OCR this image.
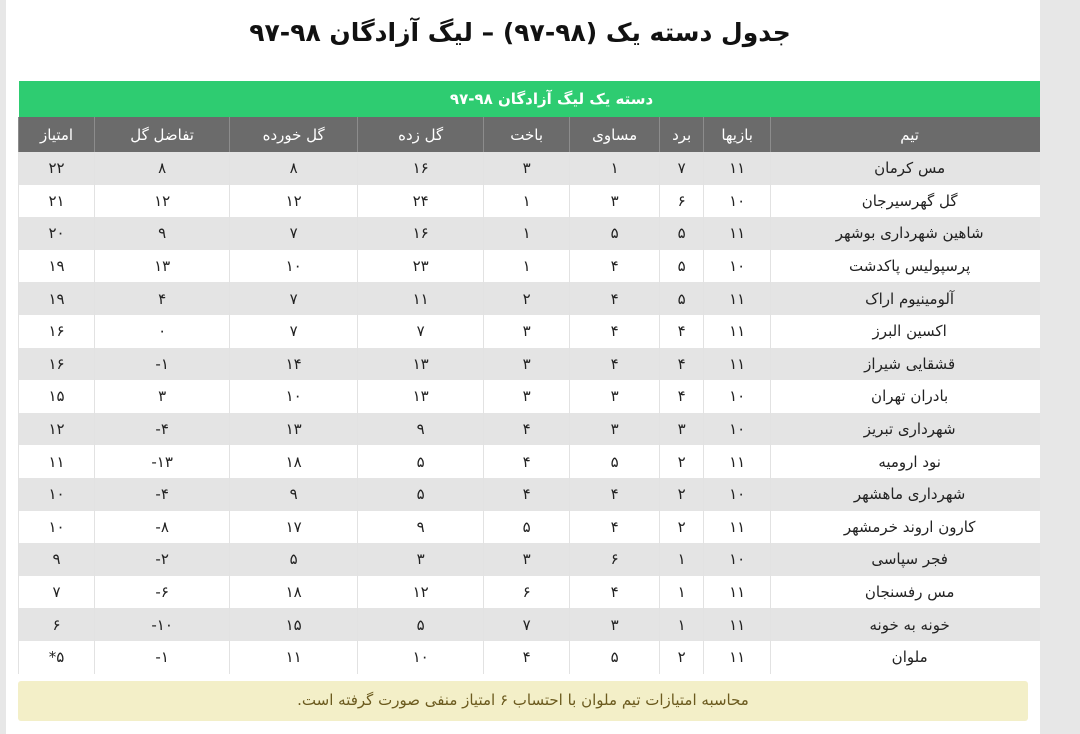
جدول دسته یک (۹۸-۹۷) – لیگ آزادگان ۹۸-۹۷
دسته یک لیگ آزادگان ۹۸-۹۷									
	تیم	بازیها	برد	مساوی	باخت	گل زده	گل خورده	تفاضل گل	امتیاز
	مس کرمان	۱۱	۷	۱	۳	۱۶	۸	۸	۲۲
	گل گهرسیرجان	۱۰	۶	۳	۱	۲۴	۱۲	۱۲	۲۱
	شاهین شهرداری بوشهر	۱۱	۵	۵	۱	۱۶	۷	۹	۲۰
	پرسپولیس پاکدشت	۱۰	۵	۴	۱	۲۳	۱۰	۱۳	۱۹
	آلومینیوم اراک	۱۱	۵	۴	۲	۱۱	۷	۴	۱۹
	اکسین البرز	۱۱	۴	۴	۳	۷	۷	۰	۱۶
	قشقایی شیراز	۱۱	۴	۴	۳	۱۳	۱۴	۱-	۱۶
	بادران تهران	۱۰	۴	۳	۳	۱۳	۱۰	۳	۱۵
	شهرداری تبریز	۱۰	۳	۳	۴	۹	۱۳	۴-	۱۲
	نود ارومیه	۱۱	۲	۵	۴	۵	۱۸	۱۳-	۱۱
	شهرداری ماهشهر	۱۰	۲	۴	۴	۵	۹	۴-	۱۰
	کارون اروند خرمشهر	۱۱	۲	۴	۵	۹	۱۷	۸-	۱۰
	فجر سپاسی	۱۰	۱	۶	۳	۳	۵	۲-	۹
	مس رفسنجان	۱۱	۱	۴	۶	۱۲	۱۸	۶-	۷
	خونه به خونه	۱۱	۱	۳	۷	۵	۱۵	۱۰-	۶
	ملوان	۱۱	۲	۵	۴	۱۰	۱۱	۱-	۵*
محاسبه امتیازات تیم ملوان با احتساب ۶ امتیاز منفی صورت گرفته است.
